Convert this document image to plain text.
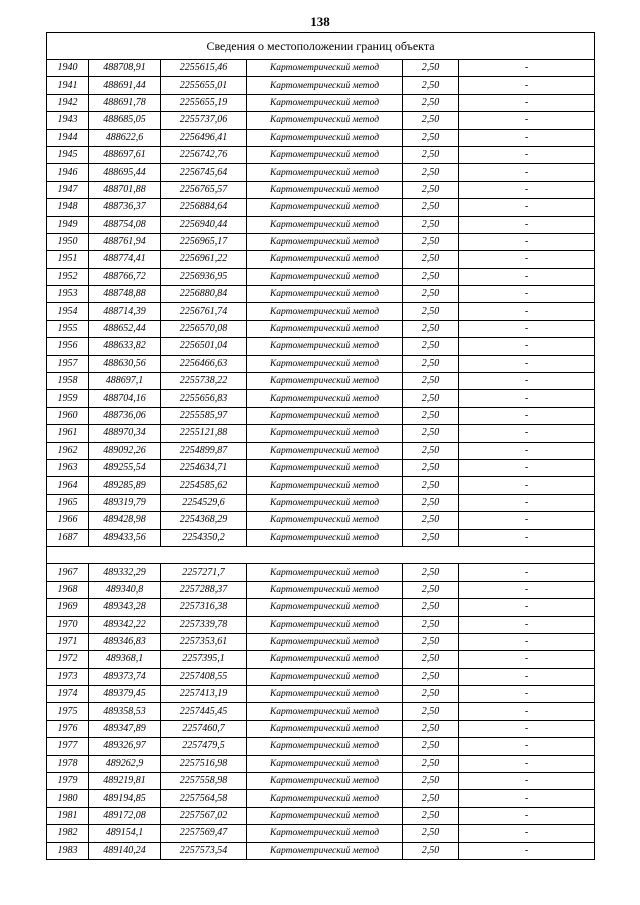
138
Сведения о местоположении границ объекта					
1940	488708,91	2255615,46	Картометрический метод	2,50	-
1941	488691,44	2255655,01	Картометрический метод	2,50	-
1942	488691,78	2255655,19	Картометрический метод	2,50	-
1943	488685,05	2255737,06	Картометрический метод	2,50	-
1944	488622,6	2256496,41	Картометрический метод	2,50	-
1945	488697,61	2256742,76	Картометрический метод	2,50	-
1946	488695,44	2256745,64	Картометрический метод	2,50	-
1947	488701,88	2256765,57	Картометрический метод	2,50	-
1948	488736,37	2256884,64	Картометрический метод	2,50	-
1949	488754,08	2256940,44	Картометрический метод	2,50	-
1950	488761,94	2256965,17	Картометрический метод	2,50	-
1951	488774,41	2256961,22	Картометрический метод	2,50	-
1952	488766,72	2256936,95	Картометрический метод	2,50	-
1953	488748,88	2256880,84	Картометрический метод	2,50	-
1954	488714,39	2256761,74	Картометрический метод	2,50	-
1955	488652,44	2256570,08	Картометрический метод	2,50	-
1956	488633,82	2256501,04	Картометрический метод	2,50	-
1957	488630,56	2256466,63	Картометрический метод	2,50	-
1958	488697,1	2255738,22	Картометрический метод	2,50	-
1959	488704,16	2255656,83	Картометрический метод	2,50	-
1960	488736,06	2255585,97	Картометрический метод	2,50	-
1961	488970,34	2255121,88	Картометрический метод	2,50	-
1962	489092,26	2254899,87	Картометрический метод	2,50	-
1963	489255,54	2254634,71	Картометрический метод	2,50	-
1964	489285,89	2254585,62	Картометрический метод	2,50	-
1965	489319,79	2254529,6	Картометрический метод	2,50	-
1966	489428,98	2254368,29	Картометрический метод	2,50	-
1687	489433,56	2254350,2	Картометрический метод	2,50	-

1967	489332,29	2257271,7	Картометрический метод	2,50	-
1968	489340,8	2257288,37	Картометрический метод	2,50	-
1969	489343,28	2257316,38	Картометрический метод	2,50	-
1970	489342,22	2257339,78	Картометрический метод	2,50	-
1971	489346,83	2257353,61	Картометрический метод	2,50	-
1972	489368,1	2257395,1	Картометрический метод	2,50	-
1973	489373,74	2257408,55	Картометрический метод	2,50	-
1974	489379,45	2257413,19	Картометрический метод	2,50	-
1975	489358,53	2257445,45	Картометрический метод	2,50	-
1976	489347,89	2257460,7	Картометрический метод	2,50	-
1977	489326,97	2257479,5	Картометрический метод	2,50	-
1978	489262,9	2257516,98	Картометрический метод	2,50	-
1979	489219,81	2257558,98	Картометрический метод	2,50	-
1980	489194,85	2257564,58	Картометрический метод	2,50	-
1981	489172,08	2257567,02	Картометрический метод	2,50	-
1982	489154,1	2257569,47	Картометрический метод	2,50	-
1983	489140,24	2257573,54	Картометрический метод	2,50	-
